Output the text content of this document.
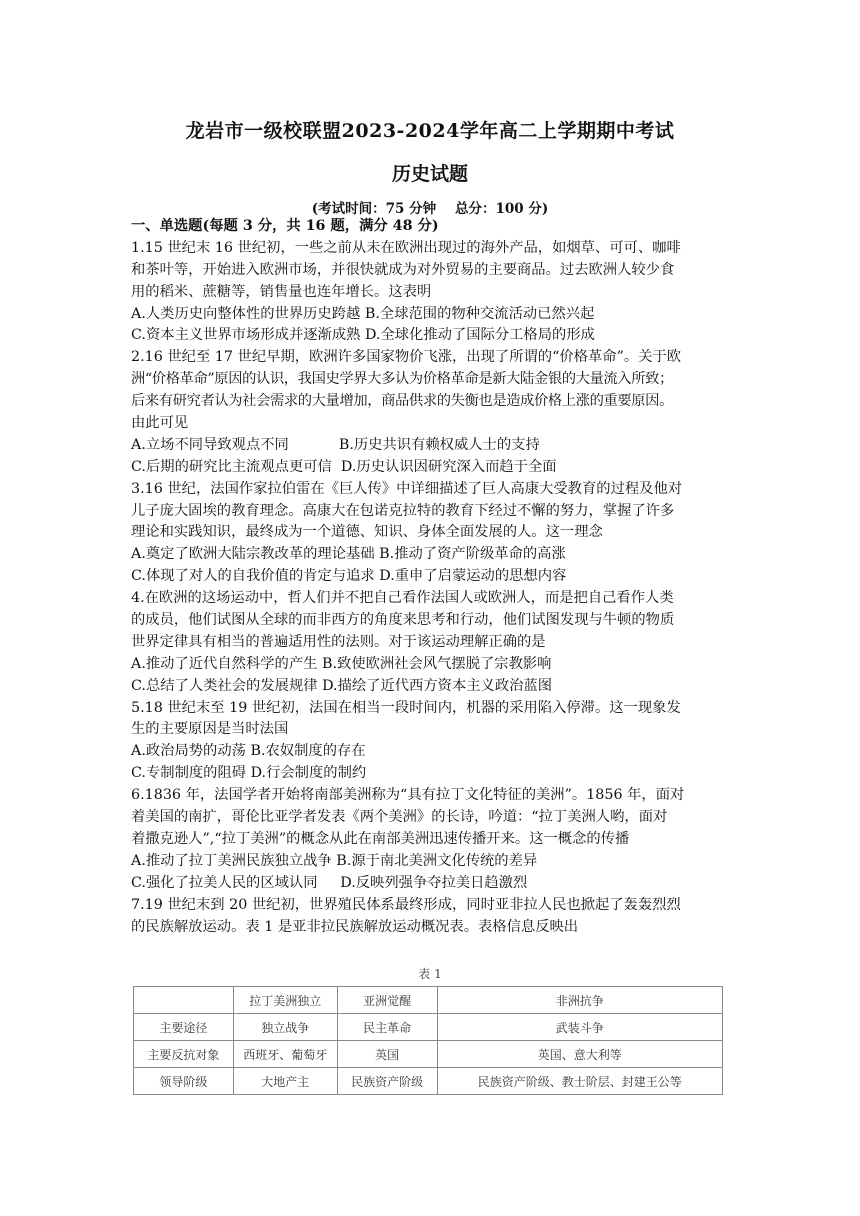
龙岩市一级校联盟2023-2024学年高二上学期期中考试
历史试题
(考试时间：75 分钟    总分：100 分)
一、单选题(每题 3 分，共 16 题，满分 48 分)
1.15 世纪末 16 世纪初，一些之前从未在欧洲出现过的海外产品，如烟草、可可、咖啡
和茶叶等，开始进入欧洲市场，并很快就成为对外贸易的主要商品。过去欧洲人较少食
用的稻米、蔗糖等，销售量也连年增长。这表明
A.人类历史向整体性的世界历史跨越 B.全球范围的物种交流活动已然兴起
C.资本主义世界市场形成并逐渐成熟 D.全球化推动了国际分工格局的形成
2.16 世纪至 17 世纪早期，欧洲许多国家物价飞涨，出现了所谓的“价格革命”。关于欧
洲“价格革命”原因的认识，我国史学界大多认为价格革命是新大陆金银的大量流入所致；
后来有研究者认为社会需求的大量增加，商品供求的失衡也是造成价格上涨的重要原因。
由此可见
A.立场不同导致观点不同           B.历史共识有赖权威人士的支持
C.后期的研究比主流观点更可信  D.历史认识因研究深入而趋于全面
3.16 世纪，法国作家拉伯雷在《巨人传》中详细描述了巨人高康大受教育的过程及他对
儿子庞大固埃的教育理念。高康大在包诺克拉特的教育下经过不懈的努力，掌握了许多
理论和实践知识，最终成为一个道德、知识、身体全面发展的人。这一理念
A.奠定了欧洲大陆宗教改革的理论基础 B.推动了资产阶级革命的高涨
C.体现了对人的自我价值的肯定与追求 D.重申了启蒙运动的思想内容
4.在欧洲的这场运动中，哲人们并不把自己看作法国人或欧洲人，而是把自己看作人类
的成员，他们试图从全球的而非西方的角度来思考和行动，他们试图发现与牛顿的物质
世界定律具有相当的普遍适用性的法则。对于该运动理解正确的是
A.推动了近代自然科学的产生 B.致使欧洲社会风气摆脱了宗教影响
C.总结了人类社会的发展规律 D.描绘了近代西方资本主义政治蓝图
5.18 世纪末至 19 世纪初，法国在相当一段时间内，机器的采用陷入停滞。这一现象发
生的主要原因是当时法国
A.政治局势的动荡 B.农奴制度的存在
C.专制制度的阻碍 D.行会制度的制约
6.1836 年，法国学者开始将南部美洲称为“具有拉丁文化特征的美洲”。1856 年，面对
着美国的南扩，哥伦比亚学者发表《两个美洲》的长诗，吟道：“拉丁美洲人哟，面对
着撒克逊人”,“拉丁美洲”的概念从此在南部美洲迅速传播开来。这一概念的传播
A.推动了拉丁美洲民族独立战争 B.源于南北美洲文化传统的差异
C.强化了拉美人民的区域认同     D.反映列强争夺拉美日趋激烈
7.19 世纪末到 20 世纪初，世界殖民体系最终形成，同时亚非拉人民也掀起了轰轰烈烈
的民族解放运动。表 1 是亚非拉民族解放运动概况表。表格信息反映出
表 1
	拉丁美洲独立	亚洲觉醒	非洲抗争
主要途径	独立战争	民主革命	武装斗争
主要反抗对象	西班牙、葡萄牙	英国	英国、意大利等
领导阶级	大地产主	民族资产阶级	民族资产阶级、教士阶层、封建王公等
